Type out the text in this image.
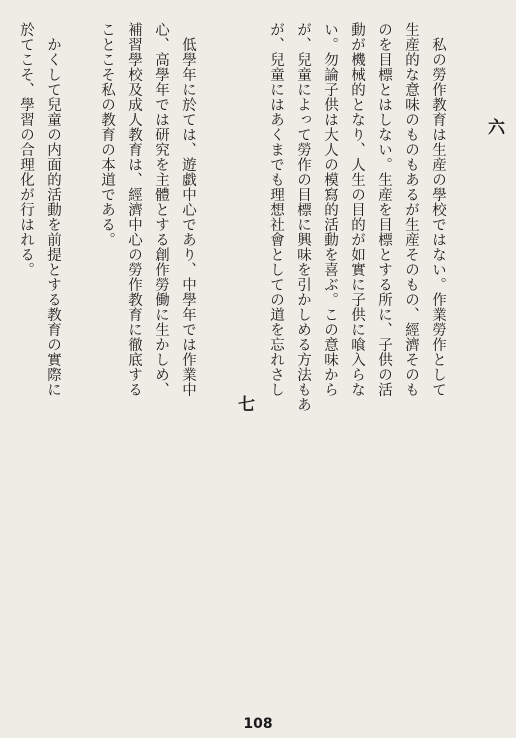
六

　私の勞作教育は生産の學校ではない。作業勞作として
生産的な意味のものもあるが生産そのもの、經濟そのも
のを目標とはしない。生産を目標とする所に、子供の活
動が機械的となり、人生の目的が如實に子供に喰入らな
い。勿論子供は大人の模寫的活動を喜ぶ。この意味から
が、兒童によって勞作の目標に興味を引かしめる方法もあ
が、兒童にはあくまでも理想社會としての道を忘れさし

七

　低學年に於ては、遊戯中心であり、中學年では作業中
心、高學年では研究を主體とする創作勞働に生かしめ、
補習學校及成人教育は、經濟中心の勞作教育に徹底する
ことこそ私の教育の本道である。

　かくして兒童の内面的活動を前提とする教育の實際に
於てこそ、學習の合理化が行はれる。

108
